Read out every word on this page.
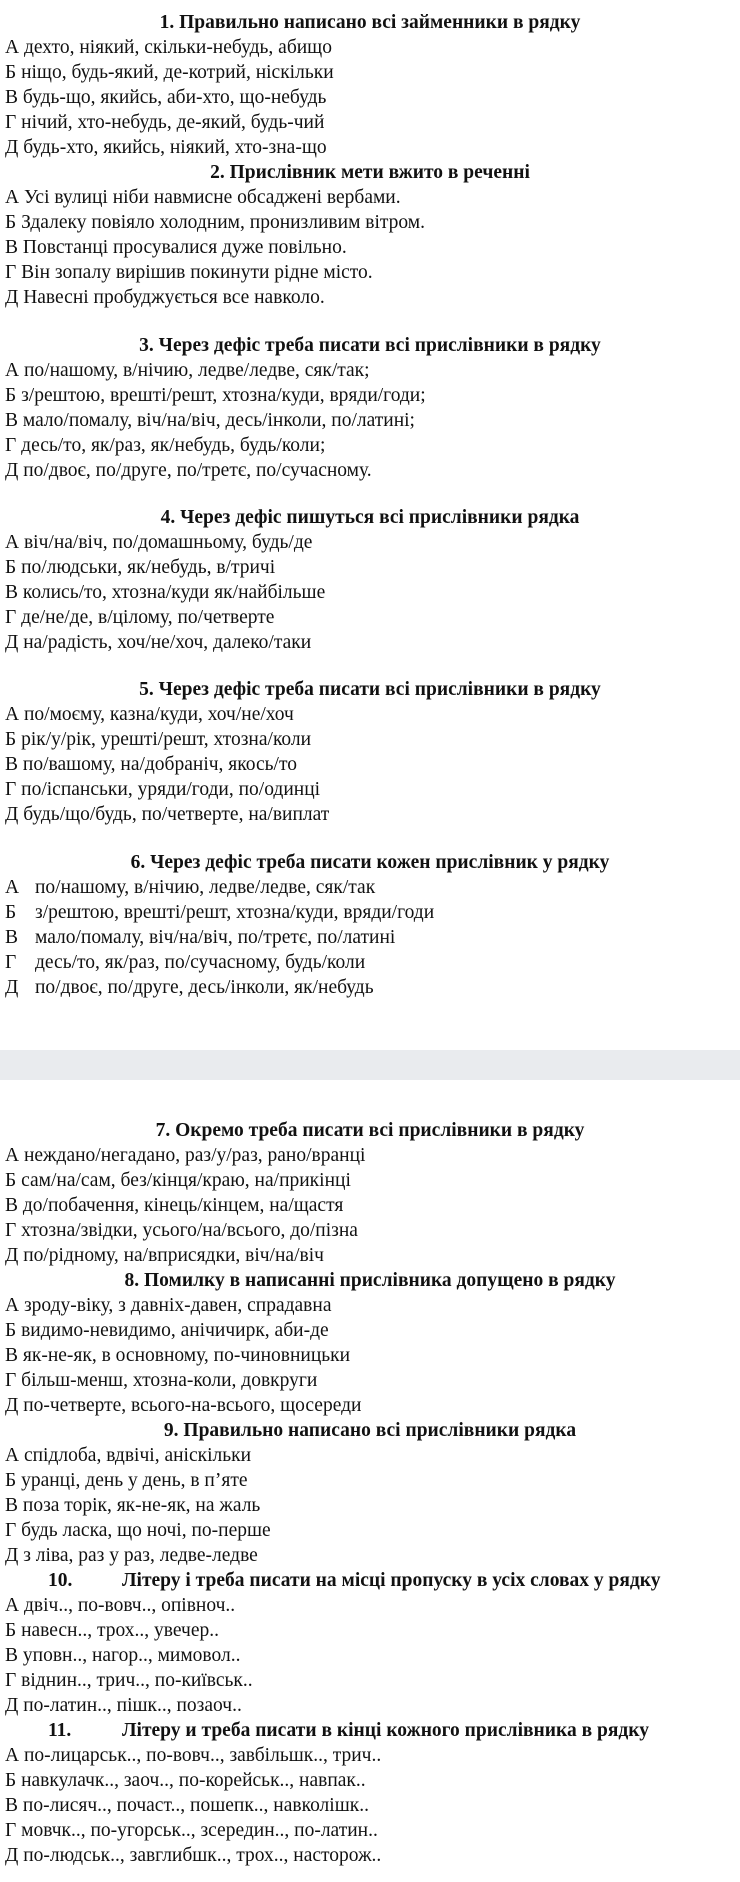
1. Правильно написано всі займенники в рядку
А дехто, ніякий, скільки-небудь, абищо
Б ніщо, будь-який, де-котрий, ніскільки
В будь-що, якийсь, аби-хто, що-небудь
Г нічий, хто-небудь, де-який, будь-чий
Д будь-хто, якийсь, ніякий, хто-зна-що
2. Прислівник мети вжито в реченні
А Усі вулиці ніби навмисне обсаджені вербами.
Б Здалеку повіяло холодним, пронизливим вітром.
В Повстанці просувалися дуже повільно.
Г Він зопалу вирішив покинути рідне місто.
Д Навесні пробуджується все навколо.
3. Через дефіс треба писати всі прислівники в рядку
А по/нашому, в/нічию, ледве/ледве, сяк/так;
Б з/рештою, врешті/решт, хтозна/куди, вряди/годи;
В мало/помалу, віч/на/віч, десь/інколи, по/латині;
Г десь/то, як/раз, як/небудь, будь/коли;
Д по/двоє, по/друге, по/третє, по/сучасному.
4. Через дефіс пишуться всі прислівники рядка
А віч/на/віч, по/домашньому, будь/де
Б по/людськи, як/небудь, в/тричі
В колись/то, хтозна/куди як/найбільше
Г де/не/де, в/цілому, по/четверте
Д на/радість, хоч/не/хоч, далеко/таки
5. Через дефіс треба писати всі прислівники в рядку
А по/моєму, казна/куди, хоч/не/хоч
Б рік/у/рік, урешті/решт, хтозна/коли
В по/вашому, на/добраніч, якось/то
Г по/іспанськи, уряди/годи, по/одинці
Д будь/що/будь, по/четверте, на/виплат
6. Через дефіс треба писати кожен прислівник у рядку
А по/нашому, в/нічию, ледве/ледве, сяк/так
Б з/рештою, врешті/решт, хтозна/куди, вряди/годи
В мало/помалу, віч/на/віч, по/третє, по/латині
Г десь/то, як/раз, по/сучасному, будь/коли
Д по/двоє, по/друге, десь/інколи, як/небудь
7. Окремо треба писати всі прислівники в рядку
А неждано/негадано, раз/у/раз, рано/вранці
Б сам/на/сам, без/кінця/краю, на/прикінці
В до/побачення, кінець/кінцем, на/щастя
Г хтозна/звідки, усього/на/всього, до/пізна
Д по/рідному, на/вприсядки, віч/на/віч
8. Помилку в написанні прислівника допущено в рядку
А зроду-віку, з давніх-давен, спрадавна
Б видимо-невидимо, анічичирк, аби-де
В як-не-як, в основному, по-чиновницьки
Г більш-менш, хтозна-коли, довкруги
Д по-четверте, всього-на-всього, щосереди
9. Правильно написано всі прислівники рядка
А спідлоба, вдвічі, аніскільки
Б уранці, день у день, в п’яте
В поза торік, як-не-як, на жаль
Г будь ласка, що ночі, по-перше
Д з ліва, раз у раз, ледве-ледве
10.	Літеру і треба писати на місці пропуску в усіх словах у рядку
А двіч.., по-вовч.., опівноч..
Б навесн.., трох.., увечер..
В уповн.., нагор.., мимовол..
Г віднин.., трич.., по-київськ..
Д по-латин.., пішк.., позаоч..
11.	Літеру и треба писати в кінці кожного прислівника в рядку
А по-лицарськ.., по-вовч.., завбільшк.., трич..
Б навкулачк.., заоч.., по-корейськ.., навпак..
В по-лисяч.., почаст.., пошепк.., навколішк..
Г мовчк.., по-угорськ.., зсередин.., по-латин..
Д по-людськ.., завглибшк.., трох.., насторож..
